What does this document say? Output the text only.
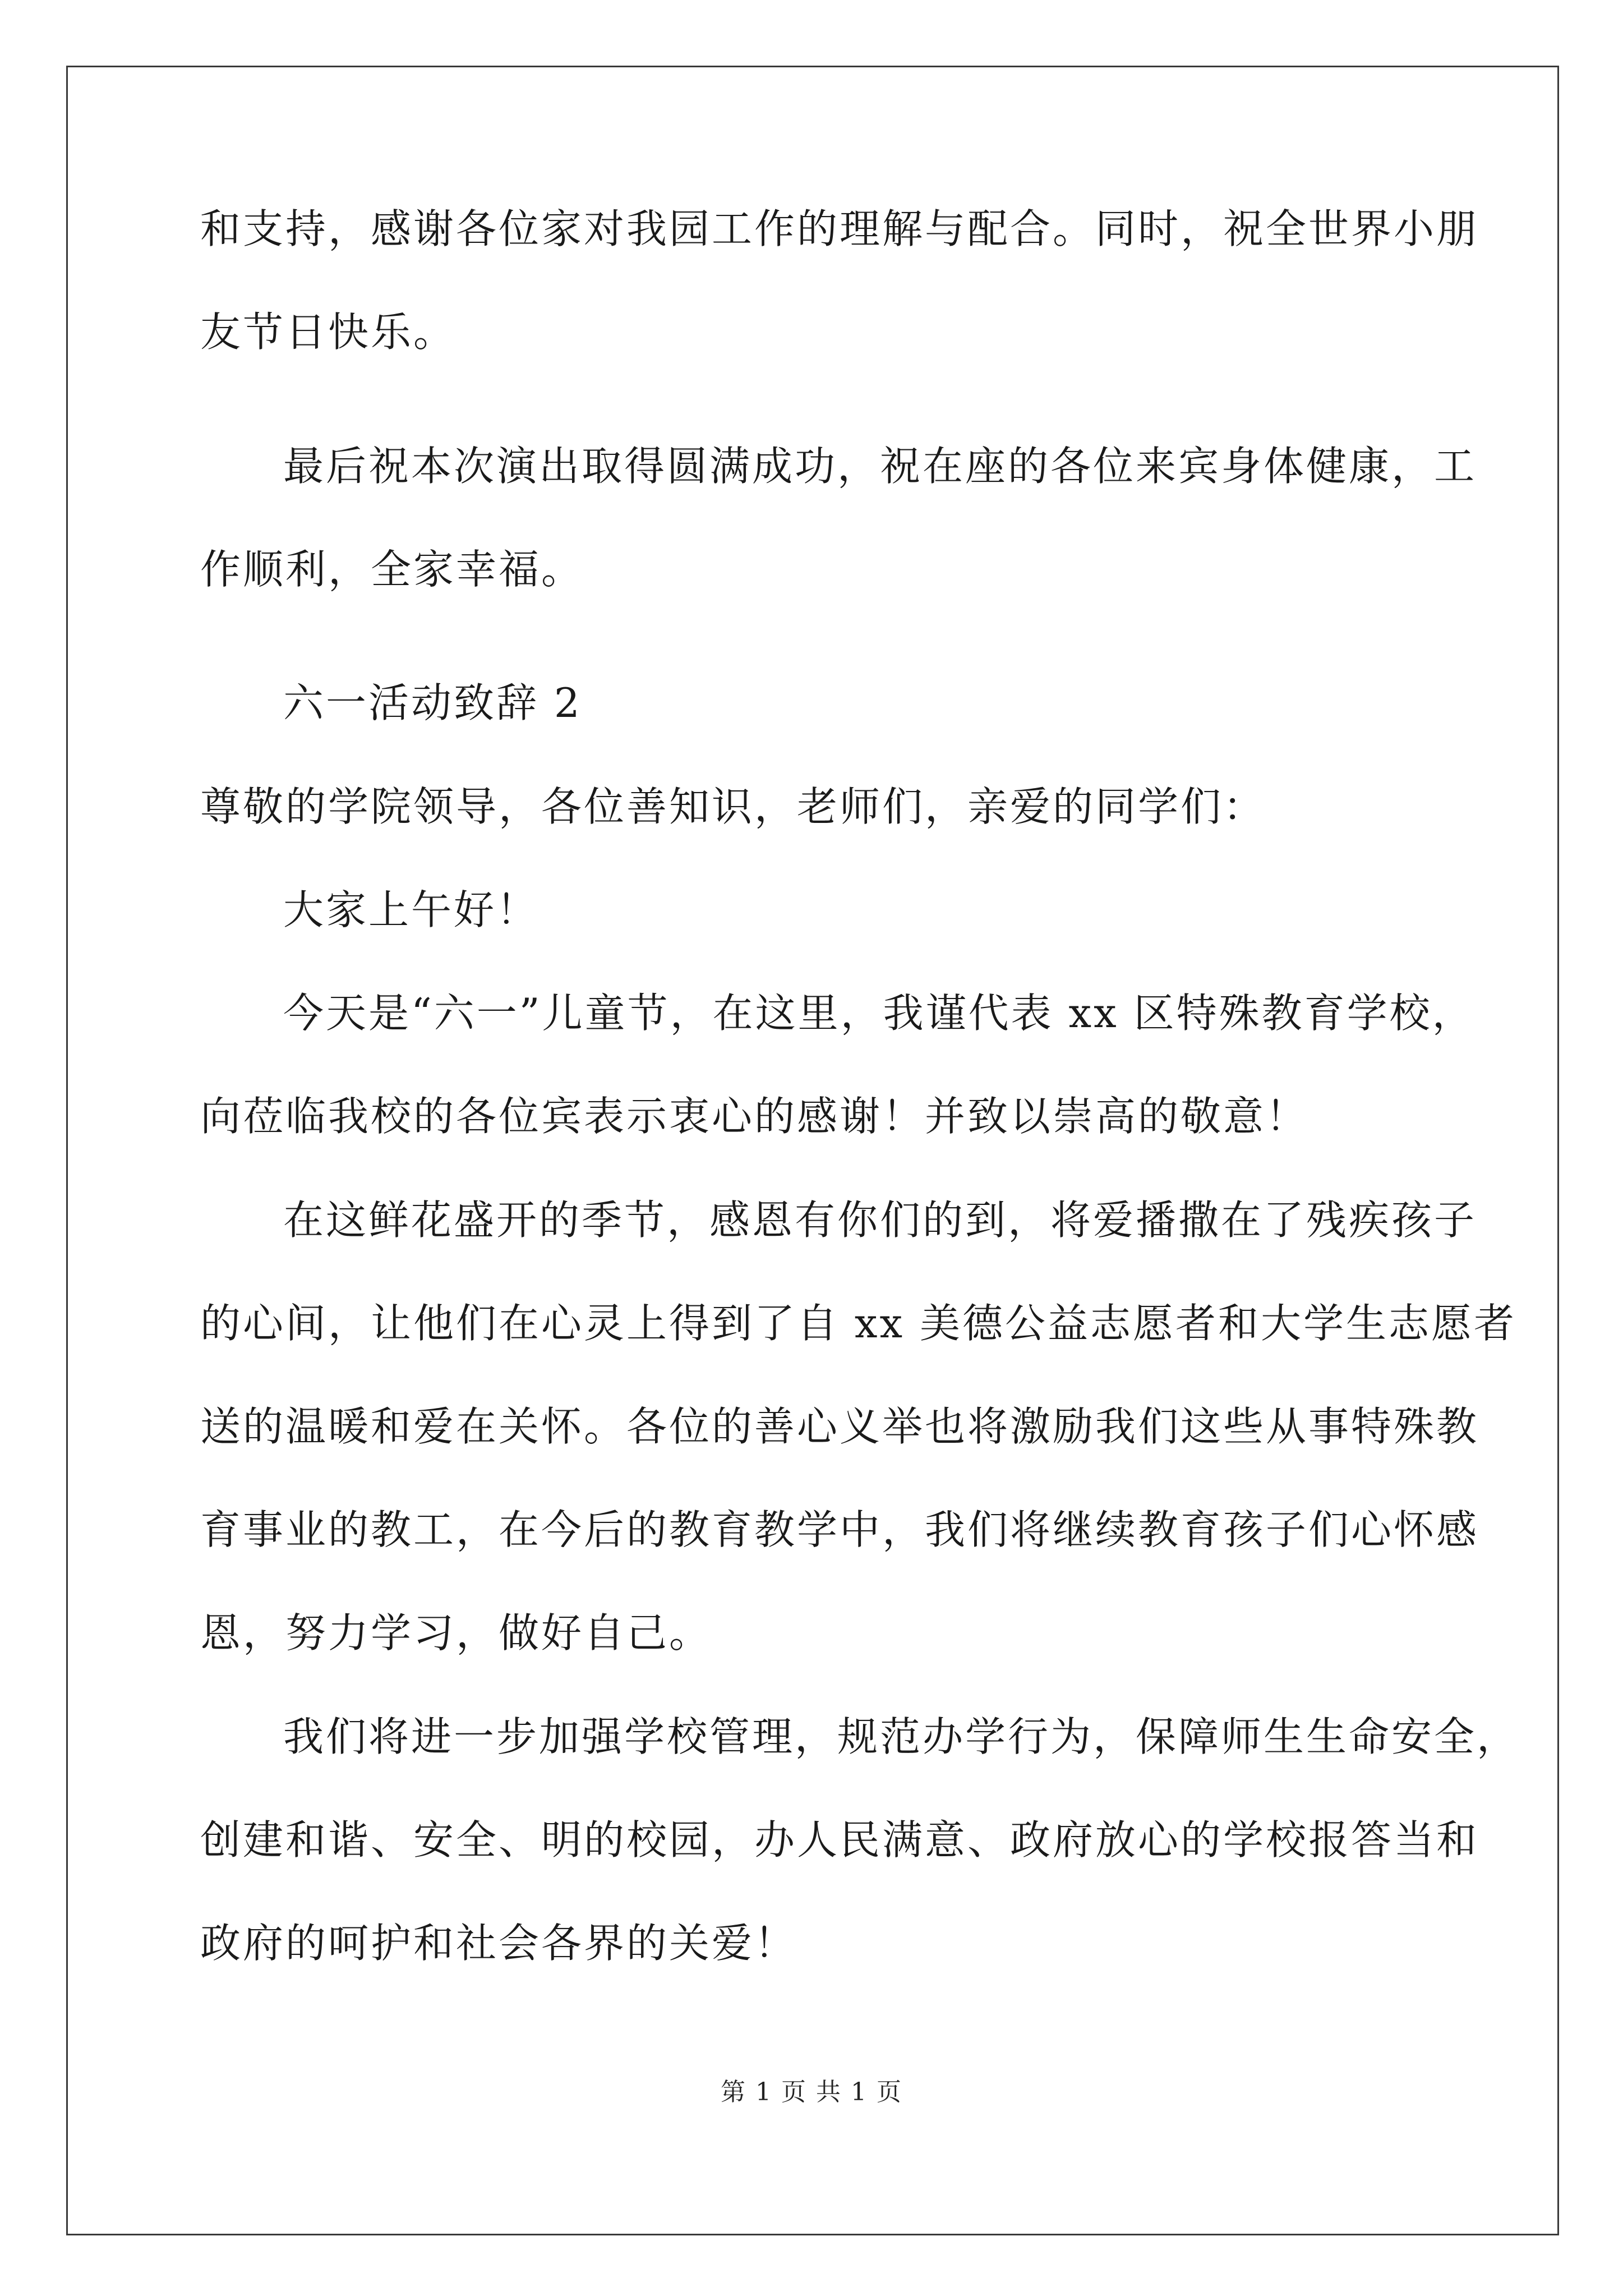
和支持，感谢各位家对我园工作的理解与配合。同时，祝全世界小朋
友节日快乐。
最后祝本次演出取得圆满成功，祝在座的各位来宾身体健康，工
作顺利，全家幸福。
六一活动致辞 2
尊敬的学院领导，各位善知识，老师们，亲爱的同学们：
大家上午好！
今天是“六一”儿童节，在这里，我谨代表 xx 区特殊教育学校，
向莅临我校的各位宾表示衷心的感谢！并致以崇高的敬意！
在这鲜花盛开的季节，感恩有你们的到，将爱播撒在了残疾孩子
的心间，让他们在心灵上得到了自 xx 美德公益志愿者和大学生志愿者
送的温暖和爱在关怀。各位的善心义举也将激励我们这些从事特殊教
育事业的教工，在今后的教育教学中，我们将继续教育孩子们心怀感
恩，努力学习，做好自己。
我们将进一步加强学校管理，规范办学行为，保障师生生命安全，
创建和谐、安全、明的校园，办人民满意、政府放心的学校报答当和
政府的呵护和社会各界的关爱！
第 1 页 共 1 页
